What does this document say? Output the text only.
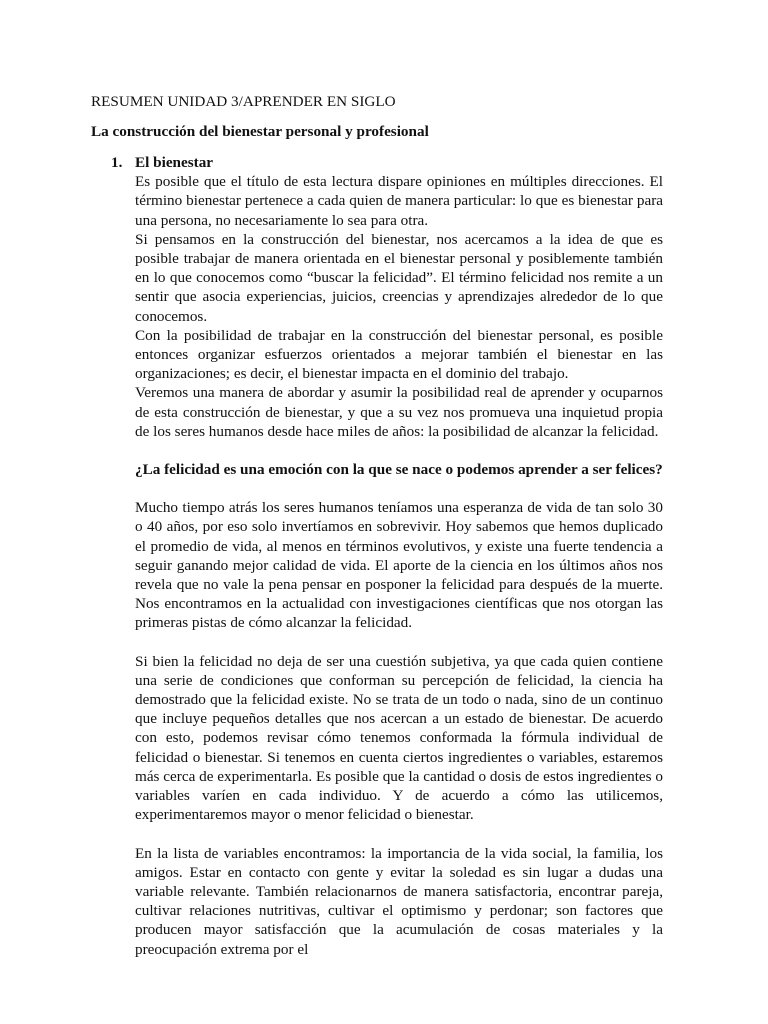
RESUMEN UNIDAD 3/APRENDER EN SIGLO
La construcción del bienestar personal y profesional
1. El bienestar

Es posible que el título de esta lectura dispare opiniones en múltiples direcciones. El término bienestar pertenece a cada quien de manera particular: lo que es bienestar para una persona, no necesariamente lo sea para otra.

Si pensamos en la construcción del bienestar, nos acercamos a la idea de que es posible trabajar de manera orientada en el bienestar personal y posiblemente también en lo que conocemos como “buscar la felicidad”. El término felicidad nos remite a un sentir que asocia experiencias, juicios, creencias y aprendizajes alrededor de lo que conocemos.

Con la posibilidad de trabajar en la construcción del bienestar personal, es posible entonces organizar esfuerzos orientados a mejorar también el bienestar en las organizaciones; es decir, el bienestar impacta en el dominio del trabajo.

Veremos una manera de abordar y asumir la posibilidad real de aprender y ocuparnos de esta construcción de bienestar, y que a su vez nos promueva una inquietud propia de los seres humanos desde hace miles de años: la posibilidad de alcanzar la felicidad.

¿La felicidad es una emoción con la que se nace o podemos aprender a ser felices?

Mucho tiempo atrás los seres humanos teníamos una esperanza de vida de tan solo 30 o 40 años, por eso solo invertíamos en sobrevivir. Hoy sabemos que hemos duplicado el promedio de vida, al menos en términos evolutivos, y existe una fuerte tendencia a seguir ganando mejor calidad de vida. El aporte de la ciencia en los últimos años nos revela que no vale la pena pensar en posponer la felicidad para después de la muerte. Nos encontramos en la actualidad con investigaciones científicas que nos otorgan las primeras pistas de cómo alcanzar la felicidad.

Si bien la felicidad no deja de ser una cuestión subjetiva, ya que cada quien contiene una serie de condiciones que conforman su percepción de felicidad, la ciencia ha demostrado que la felicidad existe. No se trata de un todo o nada, sino de un continuo que incluye pequeños detalles que nos acercan a un estado de bienestar. De acuerdo con esto, podemos revisar cómo tenemos conformada la fórmula individual de felicidad o bienestar. Si tenemos en cuenta ciertos ingredientes o variables, estaremos más cerca de experimentarla. Es posible que la cantidad o dosis de estos ingredientes o variables varíen en cada individuo. Y de acuerdo a cómo las utilicemos, experimentaremos mayor o menor felicidad o bienestar.

En la lista de variables encontramos: la importancia de la vida social, la familia, los amigos. Estar en contacto con gente y evitar la soledad es sin lugar a dudas una variable relevante. También relacionarnos de manera satisfactoria, encontrar pareja, cultivar relaciones nutritivas, cultivar el optimismo y perdonar; son factores que producen mayor satisfacción que la acumulación de cosas materiales y la preocupación extrema por el
